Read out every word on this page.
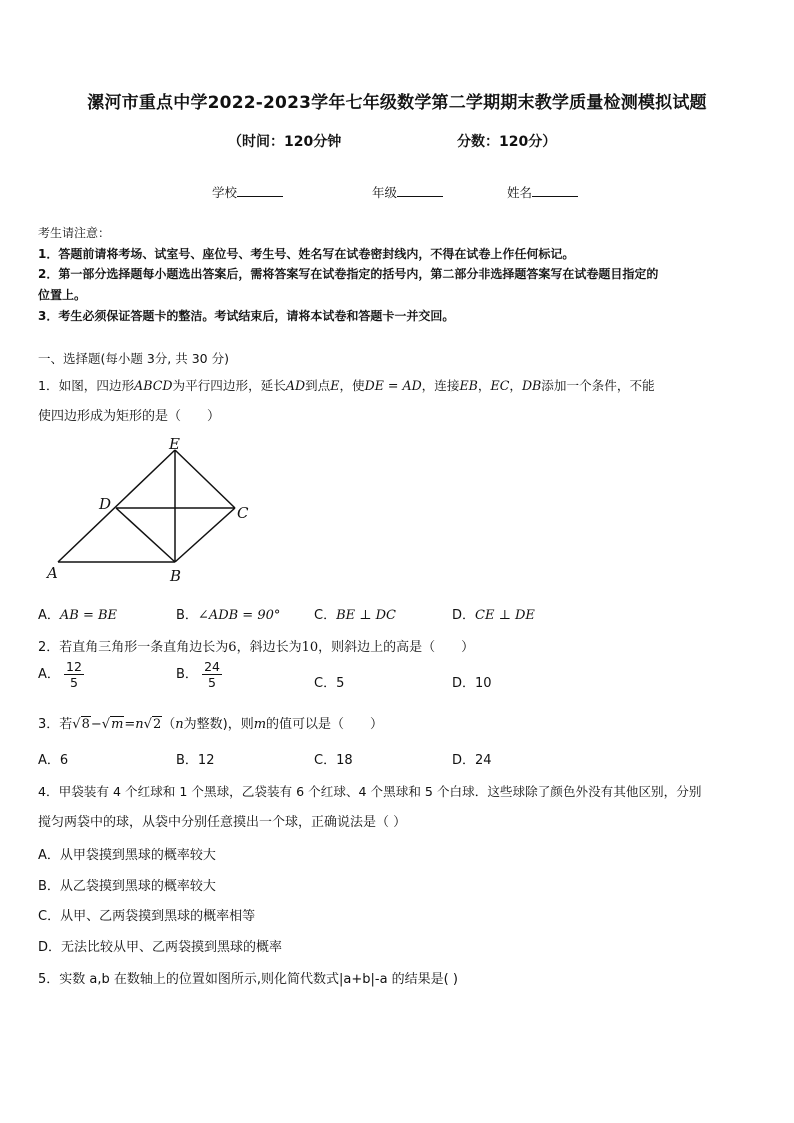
漯河市重点中学2022-2023学年七年级数学第二学期期末教学质量检测模拟试题
（时间：120分钟	分数：120分）
学校	年级	姓名
考生请注意：
1．答题前请将考场、试室号、座位号、考生号、姓名写在试卷密封线内，不得在试卷上作任何标记。
2．第一部分选择题每小题选出答案后，需将答案写在试卷指定的括号内，第二部分非选择题答案写在试卷题目指定的
位置上。
3．考生必须保证答题卡的整洁。考试结束后，请将本试卷和答题卡一并交回。
一、选择题(每小题 3分, 共 30 分)
1．如图，四边形ABCD为平行四边形，延长AD到点E，使DE = AD，连接EB，EC，DB添加一个条件，不能
使四边形成为矩形的是（　　）
E
D	C
A	B
A．AB = BE	B．∠ADB = 90°	C．BE ⊥ DC	D．CE ⊥ DE
2．若直角三角形一条直角边长为6，斜边长为10，则斜边上的高是（　　）
A． $\frac{12}{5}$	B． $\frac{24}{5}$	C．5	D．10
3．若√8−√m=n√2（n为整数)，则m的值可以是（　　）
A．6	B．12	C．18	D．24
4．甲袋装有 4 个红球和 1 个黑球，乙袋装有 6 个红球、4 个黑球和 5 个白球．这些球除了颜色外没有其他区别，分别
搅匀两袋中的球，从袋中分别任意摸出一个球，正确说法是（ ）
A．从甲袋摸到黑球的概率较大
B．从乙袋摸到黑球的概率较大
C．从甲、乙两袋摸到黑球的概率相等
D．无法比较从甲、乙两袋摸到黑球的概率
5．实数 a,b 在数轴上的位置如图所示,则化简代数式|a+b|-a 的结果是( )
